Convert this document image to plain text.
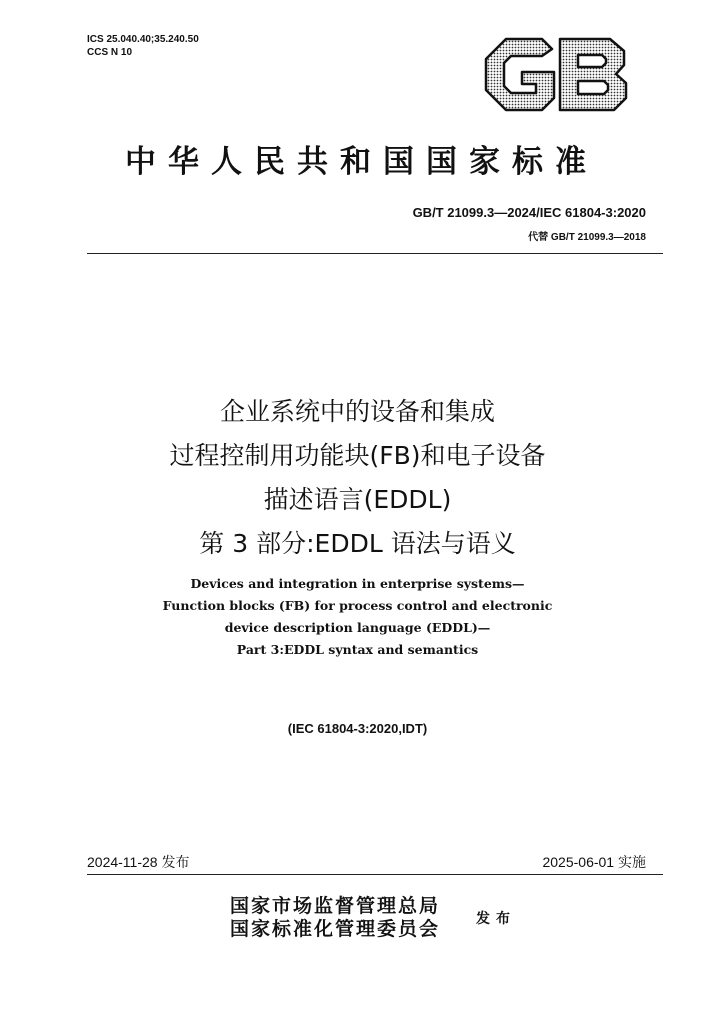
ICS 25.040.40;35.240.50
CCS N 10
中华人民共和国国家标准
GB/T 21099.3—2024/IEC 61804-3:2020
代替 GB/T 21099.3—2018
企业系统中的设备和集成
过程控制用功能块(FB)和电子设备
描述语言(EDDL)
第 3 部分:EDDL 语法与语义
Devices and integration in enterprise systems—
Function blocks (FB) for process control and electronic
device description language (EDDL)—
Part 3:EDDL syntax and semantics
(IEC 61804-3:2020,IDT)
2024-11-28 发布	2025-06-01 实施
国家市场监督管理总局
国家标准化管理委员会	发布
